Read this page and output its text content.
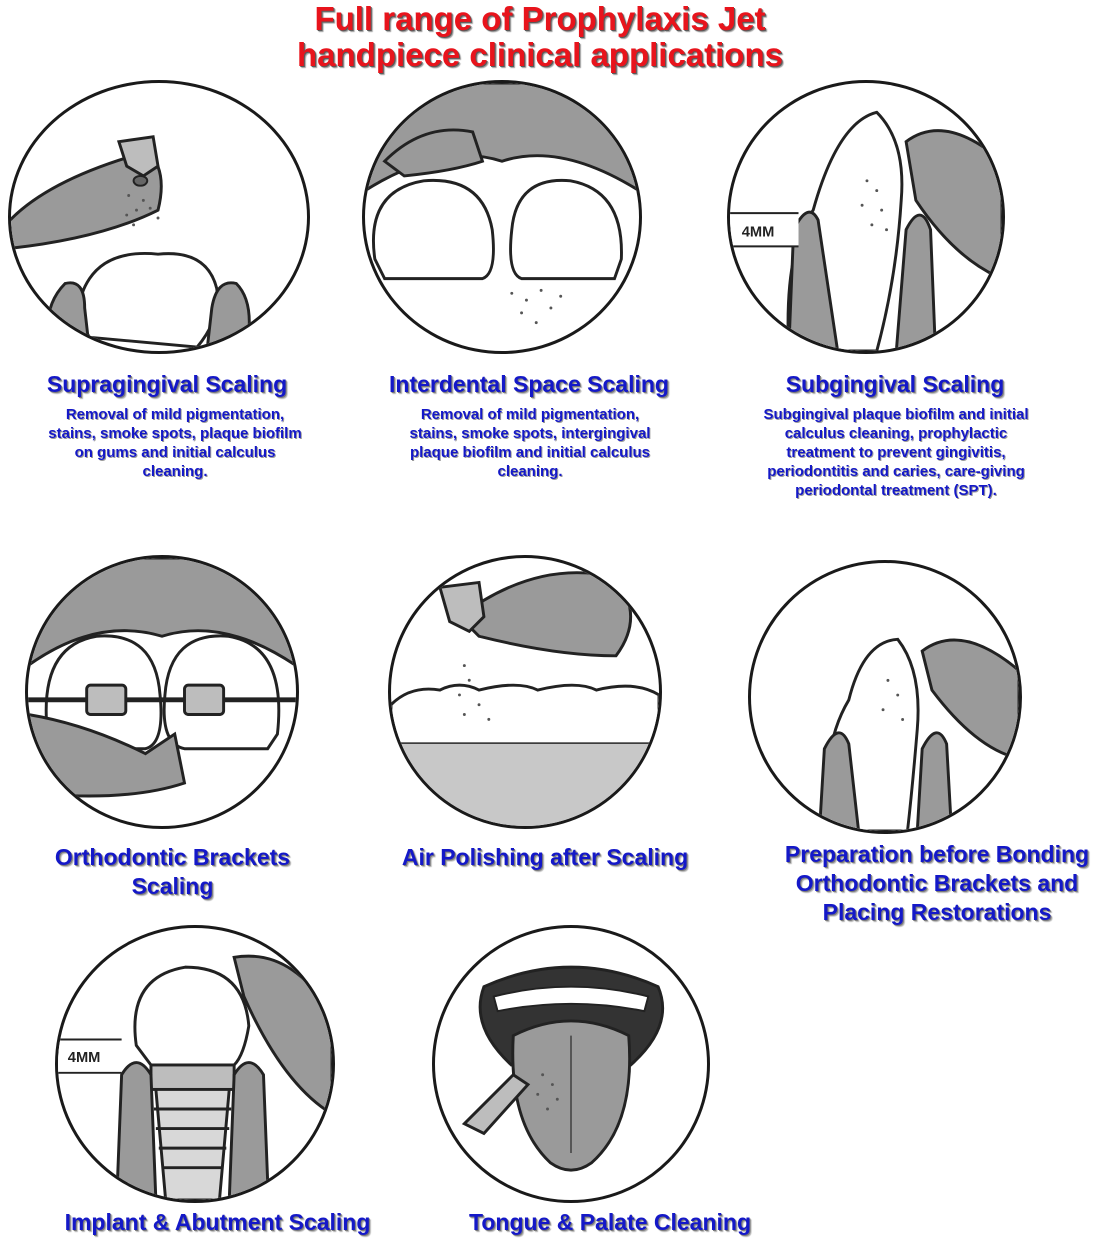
Full range of Prophylaxis Jet
handpiece clinical applications
Supragingival Scaling
Removal of mild pigmentation, stains, smoke spots, plaque biofilm on gums and initial calculus cleaning.
Interdental Space Scaling
Removal of mild pigmentation, stains, smoke spots, intergingival plaque biofilm and initial calculus cleaning.
4MM
Subgingival Scaling
Subgingival plaque biofilm and initial calculus cleaning, prophylactic treatment to prevent gingivitis, periodontitis and caries, care-giving periodontal treatment (SPT).
Orthodontic Brackets Scaling
Air Polishing after Scaling	Preparation before Bonding Orthodontic Brackets and Placing Restorations
4MM
Implant & Abutment Scaling	Tongue & Palate Cleaning
